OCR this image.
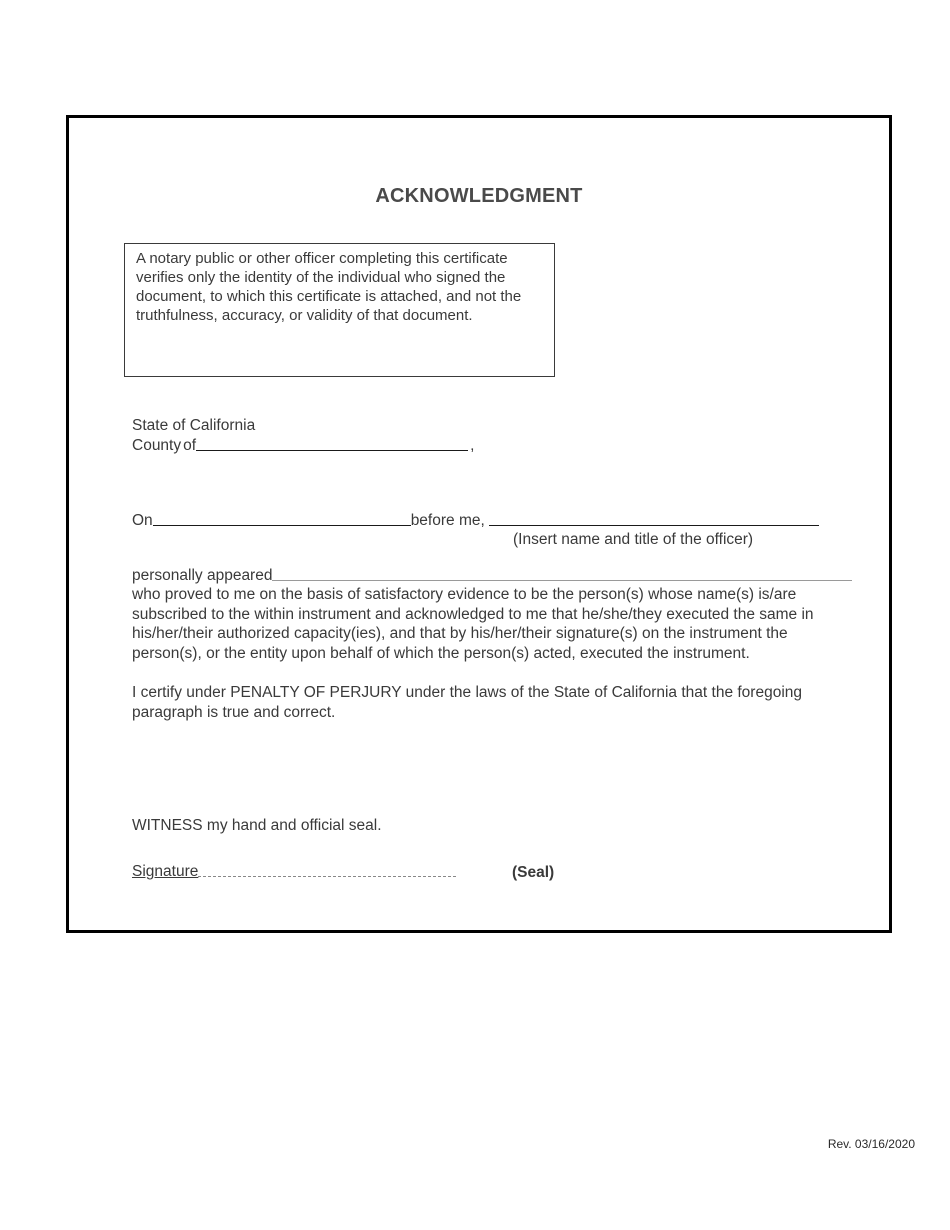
ACKNOWLEDGMENT
A notary public or other officer completing this certificate verifies only the identity of the individual who signed the document, to which this certificate is attached, and not the truthfulness, accuracy, or validity of that document.
State of California
County of	,
On	before me,
(Insert name and title of the officer)
personally appeared
who proved to me on the basis of satisfactory evidence to be the person(s) whose name(s) is/are subscribed to the within instrument and acknowledged to me that he/she/they executed the same in his/her/their authorized capacity(ies), and that by his/her/their signature(s) on the instrument the person(s), or the entity upon behalf of which the person(s) acted, executed the instrument.
I certify under PENALTY OF PERJURY under the laws of the State of California that the foregoing paragraph is true and correct.
WITNESS my hand and official seal.
Signature	(Seal)
Rev. 03/16/2020
